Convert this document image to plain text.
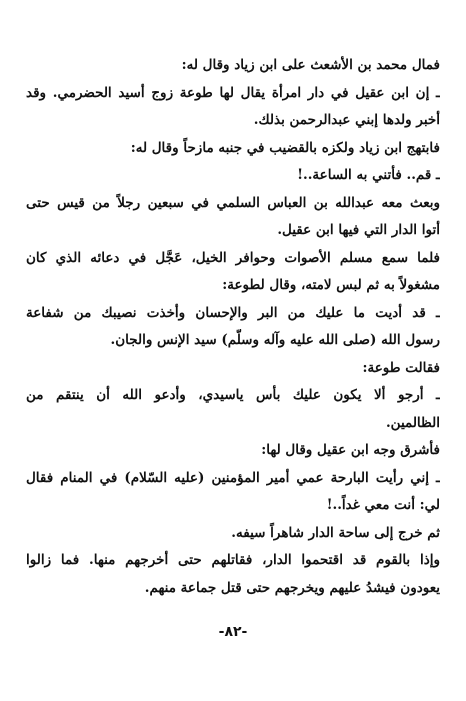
فمال محمد بن الأشعث على ابن زياد وقال له:
ـ إن ابن عقيل في دار امرأة يقال لها طوعة زوج أسيد الحضرمي. وقد
أخبر ولدها إبني عبدالرحمن بذلك.
فابتهج ابن زياد ولكزه بالقضيب في جنبه مازحاً وقال له:
ـ قم.. فأتني به الساعة..!
وبعث معه عبدالله بن العباس السلمي في سبعين رجلاً من قيس حتى
أتوا الدار التي فيها ابن عقيل.
فلما سمع مسلم الأصوات وحوافر الخيل، عَجَّل في دعائه الذي كان
مشغولاً به ثم لبس لامته، وقال لطوعة:
ـ قد أديت ما عليك من البر والإحسان وأخذت نصيبك من شفاعة
رسول الله (صلى الله عليه وآله وسلّم) سيد الإنس والجان.
فقالت طوعة:
ـ أرجو ألا يكون عليك بأس ياسيدي، وأدعو الله أن ينتقم من
الظالمين.
فأشرق وجه ابن عقيل وقال لها:
ـ إني رأيت البارحة عمي أمير المؤمنين (عليه السّلام) في المنام فقال
لي: أنت معي غداً..!
ثم خرج إلى ساحة الدار شاهراً سيفه.
وإذا بالقوم قد اقتحموا الدار، فقاتلهم حتى أخرجهم منها. فما زالوا
يعودون فيشدُ عليهم ويخرجهم حتى قتل جماعة منهم.
-٨٢-
